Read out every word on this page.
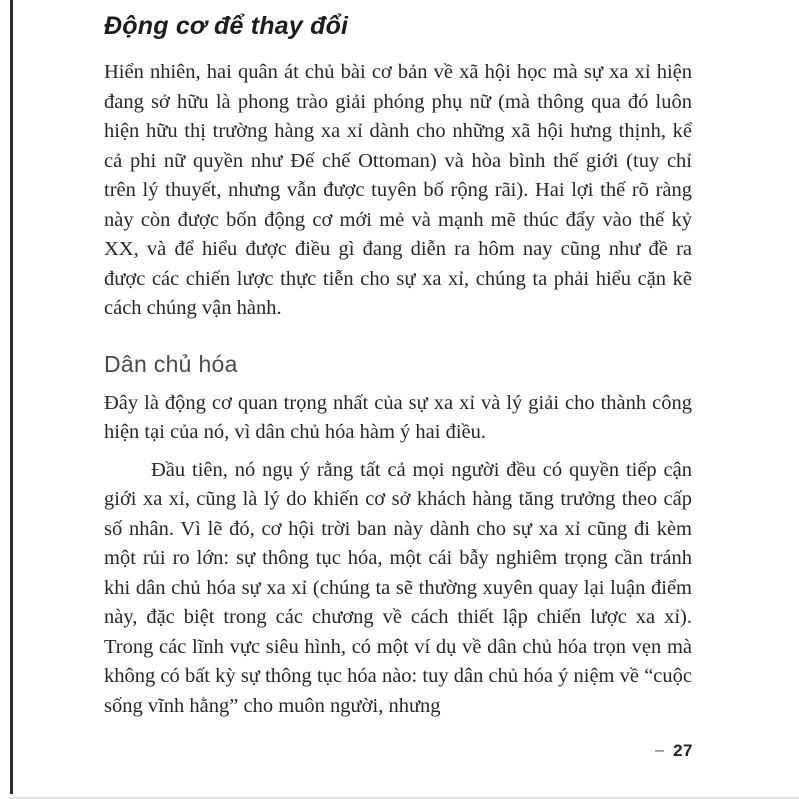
Động cơ để thay đổi

Hiển nhiên, hai quân át chủ bài cơ bản về xã hội học mà sự xa xỉ hiện đang sở hữu là phong trào giải phóng phụ nữ (mà thông qua đó luôn hiện hữu thị trường hàng xa xỉ dành cho những xã hội hưng thịnh, kể cả phi nữ quyền như Đế chế Ottoman) và hòa bình thế giới (tuy chỉ trên lý thuyết, nhưng vẫn được tuyên bố rộng rãi). Hai lợi thế rõ ràng này còn được bốn động cơ mới mẻ và mạnh mẽ thúc đẩy vào thế kỷ XX, và để hiểu được điều gì đang diễn ra hôm nay cũng như đề ra được các chiến lược thực tiễn cho sự xa xỉ, chúng ta phải hiểu cặn kẽ cách chúng vận hành.

Dân chủ hóa

Đây là động cơ quan trọng nhất của sự xa xỉ và lý giải cho thành công hiện tại của nó, vì dân chủ hóa hàm ý hai điều.

Đầu tiên, nó ngụ ý rằng tất cả mọi người đều có quyền tiếp cận giới xa xỉ, cũng là lý do khiến cơ sở khách hàng tăng trưởng theo cấp số nhân. Vì lẽ đó, cơ hội trời ban này dành cho sự xa xỉ cũng đi kèm một rủi ro lớn: sự thông tục hóa, một cái bẫy nghiêm trọng cần tránh khi dân chủ hóa sự xa xỉ (chúng ta sẽ thường xuyên quay lại luận điểm này, đặc biệt trong các chương về cách thiết lập chiến lược xa xỉ). Trong các lĩnh vực siêu hình, có một ví dụ về dân chủ hóa trọn vẹn mà không có bất kỳ sự thông tục hóa nào: tuy dân chủ hóa ý niệm về “cuộc sống vĩnh hằng” cho muôn người, nhưng

– 27
